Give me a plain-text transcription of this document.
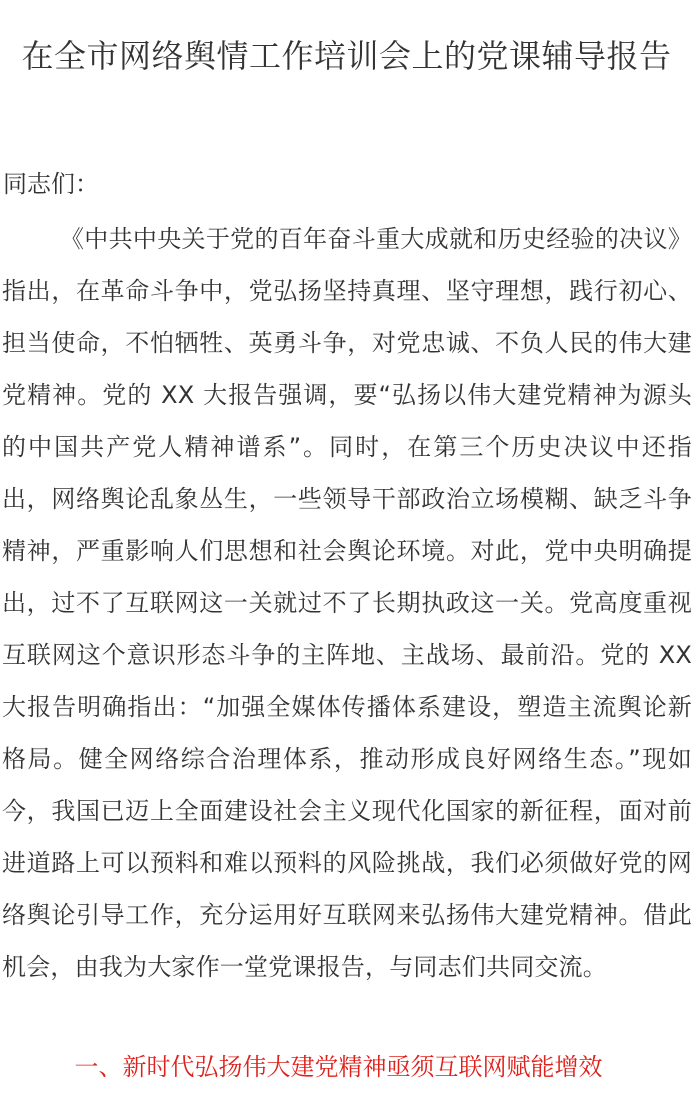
在全市网络舆情工作培训会上的党课辅导报告

同志们：

《中共中央关于党的百年奋斗重大成就和历史经验的决议》指出，在革命斗争中，党弘扬坚持真理、坚守理想，践行初心、担当使命，不怕牺牲、英勇斗争，对党忠诚、不负人民的伟大建党精神。党的 XX 大报告强调，要“弘扬以伟大建党精神为源头的中国共产党人精神谱系”。同时，在第三个历史决议中还指出，网络舆论乱象丛生，一些领导干部政治立场模糊、缺乏斗争精神，严重影响人们思想和社会舆论环境。对此，党中央明确提出，过不了互联网这一关就过不了长期执政这一关。党高度重视互联网这个意识形态斗争的主阵地、主战场、最前沿。党的 XX 大报告明确指出：“加强全媒体传播体系建设，塑造主流舆论新格局。健全网络综合治理体系，推动形成良好网络生态。”现如今，我国已迈上全面建设社会主义现代化国家的新征程，面对前进道路上可以预料和难以预料的风险挑战，我们必须做好党的网络舆论引导工作，充分运用好互联网来弘扬伟大建党精神。借此机会，由我为大家作一堂党课报告，与同志们共同交流。

一、新时代弘扬伟大建党精神亟须互联网赋能增效
